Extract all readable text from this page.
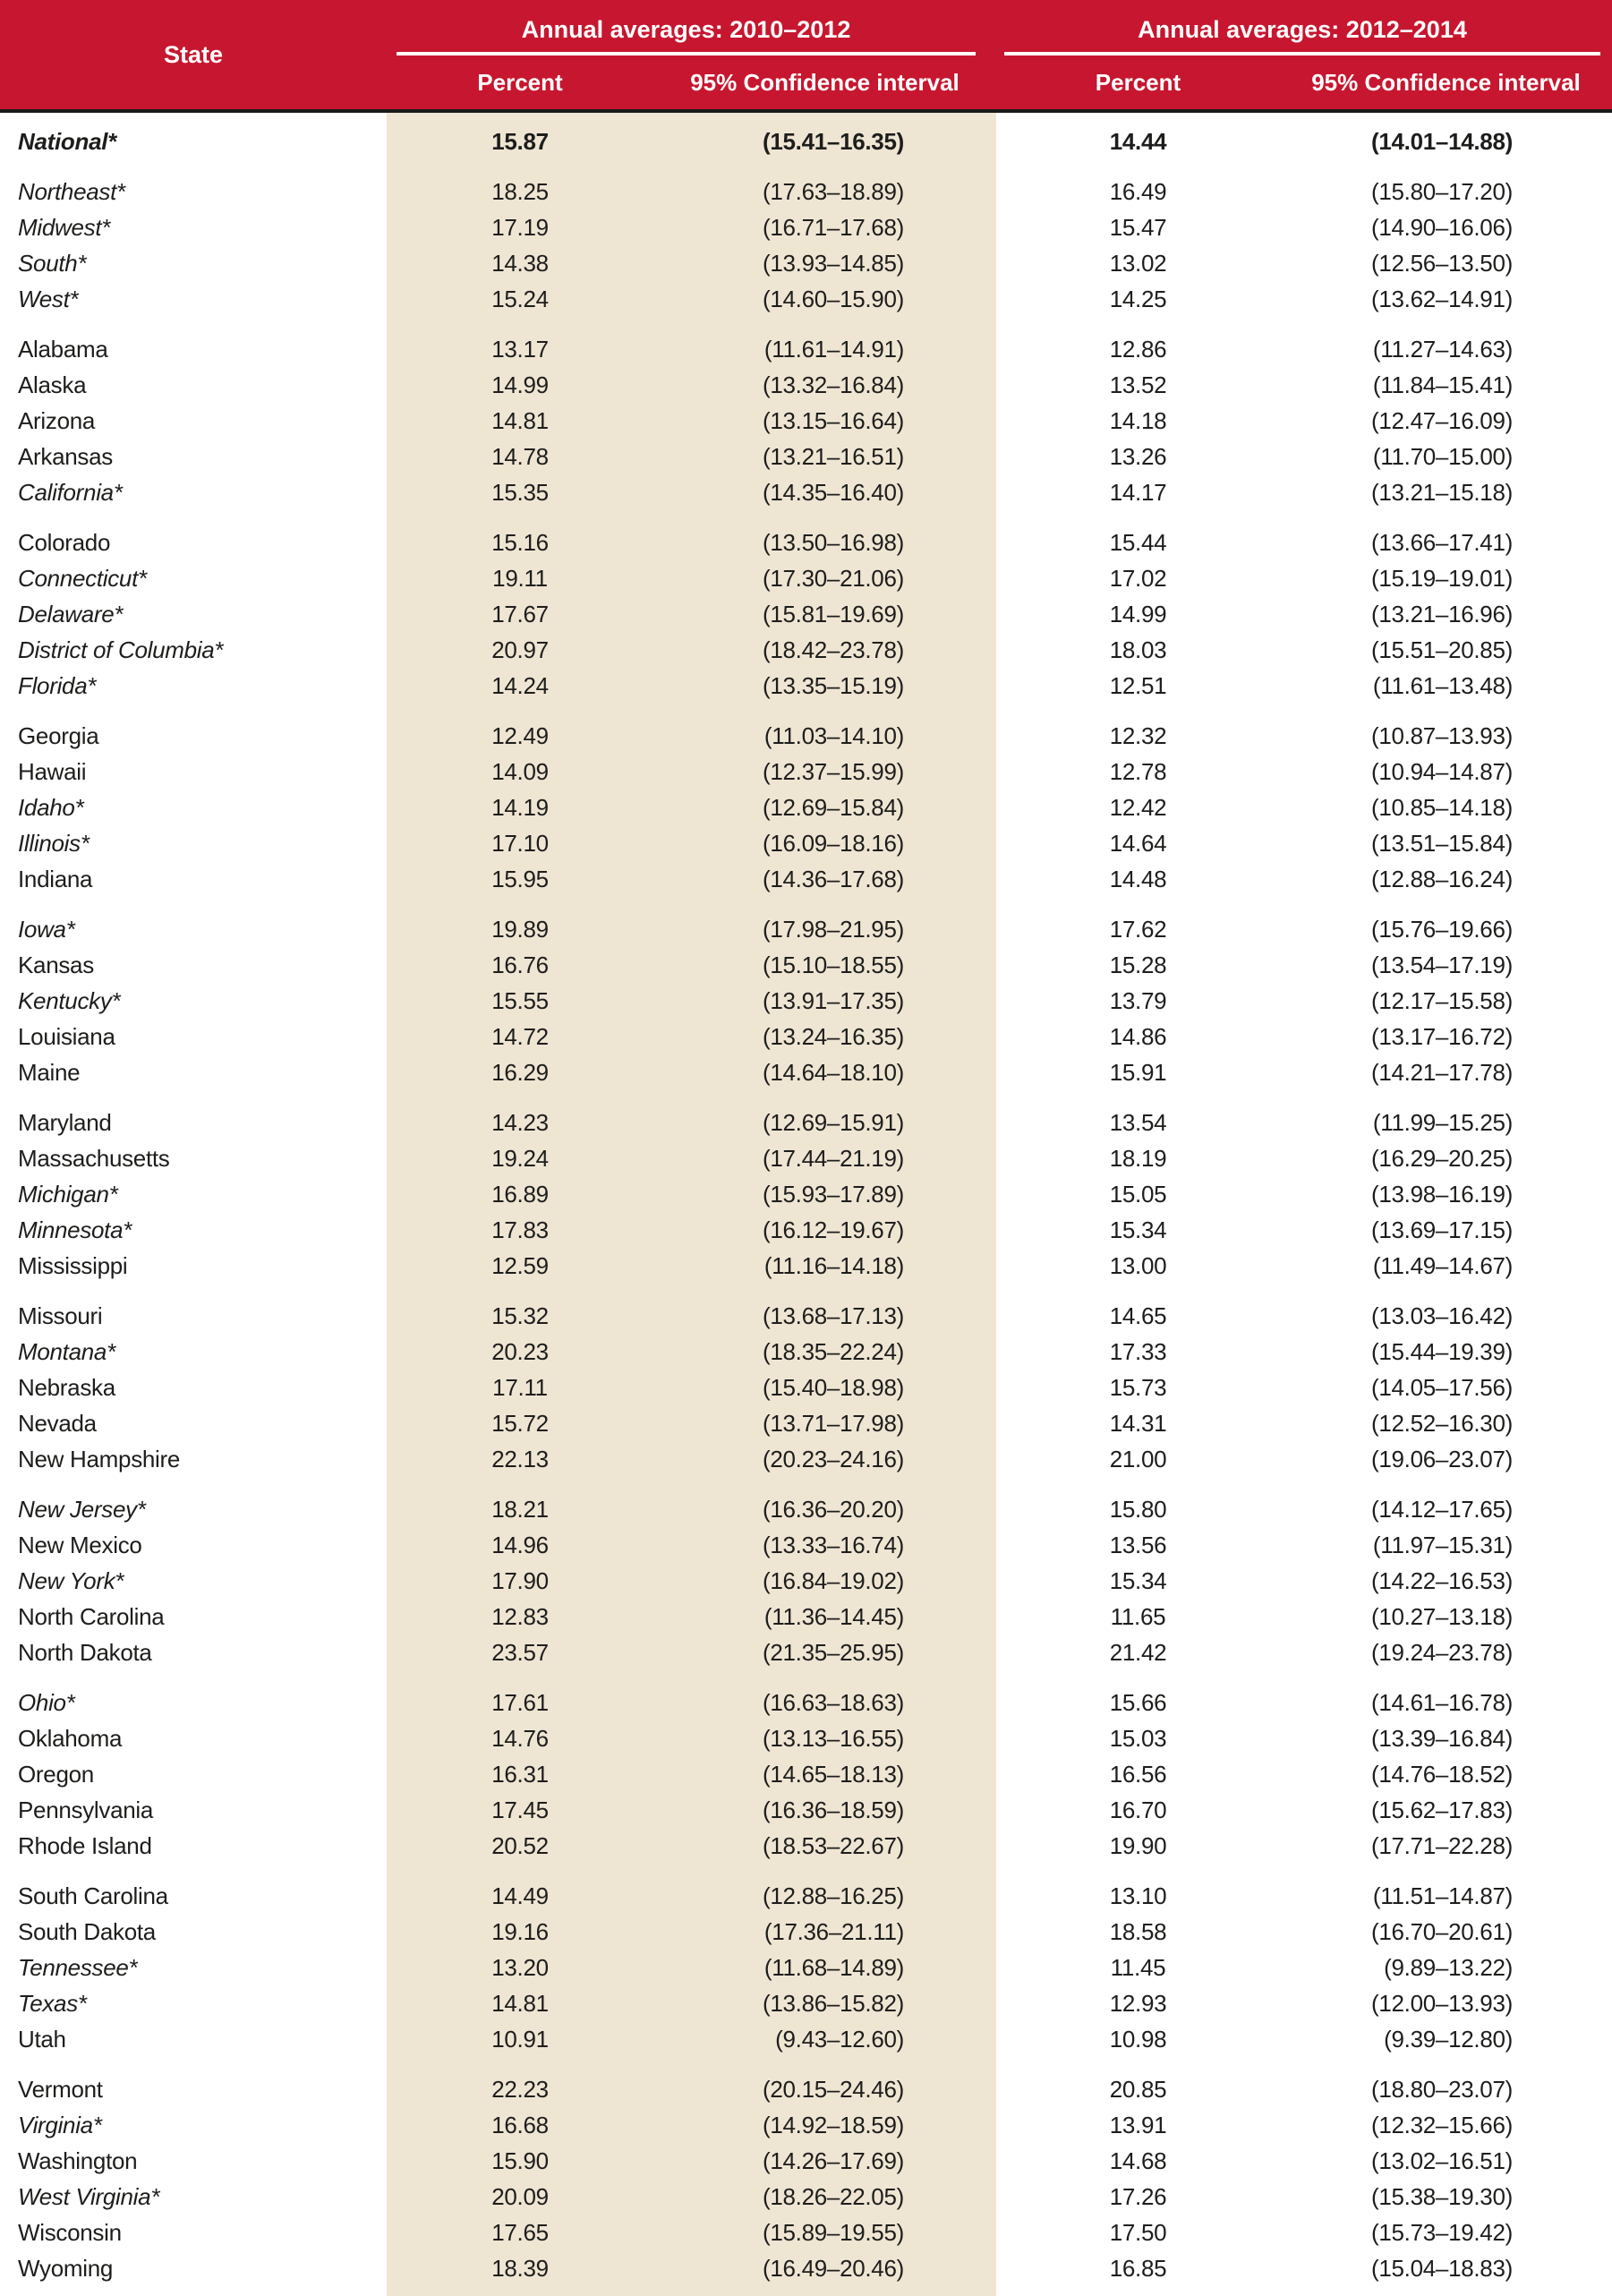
State
Annual averages: 2010–2012	Annual averages: 2012–2014
Percent	95% Confidence interval	Percent	95% Confidence interval
National*	15.87	(15.41–16.35)	14.44	(14.01–14.88)
Northeast*	18.25	(17.63–18.89)	16.49	(15.80–17.20)
Midwest*	17.19	(16.71–17.68)	15.47	(14.90–16.06)
South*	14.38	(13.93–14.85)	13.02	(12.56–13.50)
West*	15.24	(14.60–15.90)	14.25	(13.62–14.91)
Alabama	13.17	(11.61–14.91)	12.86	(11.27–14.63)
Alaska	14.99	(13.32–16.84)	13.52	(11.84–15.41)
Arizona	14.81	(13.15–16.64)	14.18	(12.47–16.09)
Arkansas	14.78	(13.21–16.51)	13.26	(11.70–15.00)
California*	15.35	(14.35–16.40)	14.17	(13.21–15.18)
Colorado	15.16	(13.50–16.98)	15.44	(13.66–17.41)
Connecticut*	19.11	(17.30–21.06)	17.02	(15.19–19.01)
Delaware*	17.67	(15.81–19.69)	14.99	(13.21–16.96)
District of Columbia*	20.97	(18.42–23.78)	18.03	(15.51–20.85)
Florida*	14.24	(13.35–15.19)	12.51	(11.61–13.48)
Georgia	12.49	(11.03–14.10)	12.32	(10.87–13.93)
Hawaii	14.09	(12.37–15.99)	12.78	(10.94–14.87)
Idaho*	14.19	(12.69–15.84)	12.42	(10.85–14.18)
Illinois*	17.10	(16.09–18.16)	14.64	(13.51–15.84)
Indiana	15.95	(14.36–17.68)	14.48	(12.88–16.24)
Iowa*	19.89	(17.98–21.95)	17.62	(15.76–19.66)
Kansas	16.76	(15.10–18.55)	15.28	(13.54–17.19)
Kentucky*	15.55	(13.91–17.35)	13.79	(12.17–15.58)
Louisiana	14.72	(13.24–16.35)	14.86	(13.17–16.72)
Maine	16.29	(14.64–18.10)	15.91	(14.21–17.78)
Maryland	14.23	(12.69–15.91)	13.54	(11.99–15.25)
Massachusetts	19.24	(17.44–21.19)	18.19	(16.29–20.25)
Michigan*	16.89	(15.93–17.89)	15.05	(13.98–16.19)
Minnesota*	17.83	(16.12–19.67)	15.34	(13.69–17.15)
Mississippi	12.59	(11.16–14.18)	13.00	(11.49–14.67)
Missouri	15.32	(13.68–17.13)	14.65	(13.03–16.42)
Montana*	20.23	(18.35–22.24)	17.33	(15.44–19.39)
Nebraska	17.11	(15.40–18.98)	15.73	(14.05–17.56)
Nevada	15.72	(13.71–17.98)	14.31	(12.52–16.30)
New Hampshire	22.13	(20.23–24.16)	21.00	(19.06–23.07)
New Jersey*	18.21	(16.36–20.20)	15.80	(14.12–17.65)
New Mexico	14.96	(13.33–16.74)	13.56	(11.97–15.31)
New York*	17.90	(16.84–19.02)	15.34	(14.22–16.53)
North Carolina	12.83	(11.36–14.45)	11.65	(10.27–13.18)
North Dakota	23.57	(21.35–25.95)	21.42	(19.24–23.78)
Ohio*	17.61	(16.63–18.63)	15.66	(14.61–16.78)
Oklahoma	14.76	(13.13–16.55)	15.03	(13.39–16.84)
Oregon	16.31	(14.65–18.13)	16.56	(14.76–18.52)
Pennsylvania	17.45	(16.36–18.59)	16.70	(15.62–17.83)
Rhode Island	20.52	(18.53–22.67)	19.90	(17.71–22.28)
South Carolina	14.49	(12.88–16.25)	13.10	(11.51–14.87)
South Dakota	19.16	(17.36–21.11)	18.58	(16.70–20.61)
Tennessee*	13.20	(11.68–14.89)	11.45	(9.89–13.22)
Texas*	14.81	(13.86–15.82)	12.93	(12.00–13.93)
Utah	10.91	(9.43–12.60)	10.98	(9.39–12.80)
Vermont	22.23	(20.15–24.46)	20.85	(18.80–23.07)
Virginia*	16.68	(14.92–18.59)	13.91	(12.32–15.66)
Washington	15.90	(14.26–17.69)	14.68	(13.02–16.51)
West Virginia*	20.09	(18.26–22.05)	17.26	(15.38–19.30)
Wisconsin	17.65	(15.89–19.55)	17.50	(15.73–19.42)
Wyoming	18.39	(16.49–20.46)	16.85	(15.04–18.83)
